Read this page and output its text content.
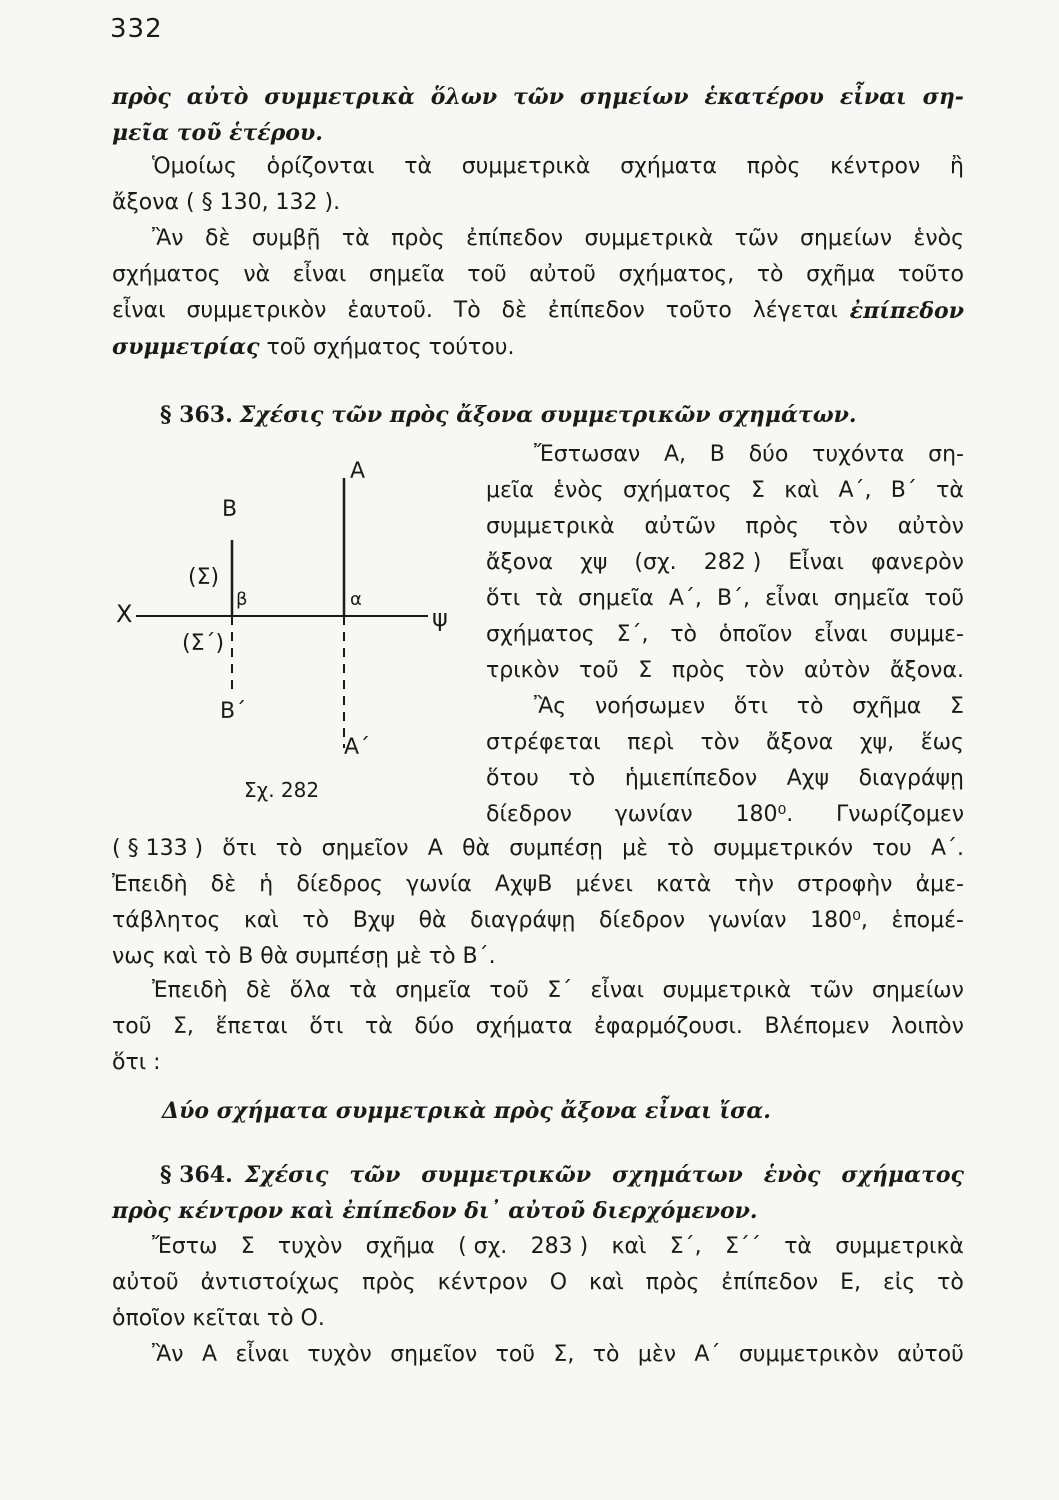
332
πρὸς αὐτὸ συμμετρικὰ ὅλων τῶν σημείων ἑκατέρου εἶναι ση-
μεῖα τοῦ ἑτέρου.
Ὁμοίως ὁρίζονται τὰ συμμετρικὰ σχήματα πρὸς κέντρον ἢ
ἄξονα ( § 130, 132 ).
Ἂν δὲ συμβῇ τὰ πρὸς ἐπίπεδον συμμετρικὰ τῶν σημείων ἑνὸς
σχήματος νὰ εἶναι σημεῖα τοῦ αὐτοῦ σχήματος, τὸ σχῆμα τοῦτο
εἶναι συμμετρικὸν ἑαυτοῦ. Τὸ δὲ ἐπίπεδον τοῦτο λέγεται ἐπίπεδον
συμμετρίας τοῦ σχήματος τούτου.
§ 363. Σχέσις τῶν πρὸς ἄξονα συμμετρικῶν σχημάτων.
Ἔστωσαν Α, Β δύο τυχόντα ση-
μεῖα ἑνὸς σχήματος Σ καὶ Α΄, Β΄ τὰ
συμμετρικὰ αὐτῶν πρὸς τὸν αὐτὸν
ἄξονα χψ (σχ. 282 ) Εἶναι φανερὸν
ὅτι τὰ σημεῖα Α΄, Β΄, εἶναι σημεῖα τοῦ
σχήματος Σ΄, τὸ ὁποῖον εἶναι συμμε-
τρικὸν τοῦ Σ πρὸς τὸν αὐτὸν ἄξονα.
Ἂς νοήσωμεν ὅτι τὸ σχῆμα Σ
στρέφεται περὶ τὸν ἄξονα χψ, ἕως
ὅτου τὸ ἡμιεπίπεδον Αχψ διαγράψῃ
δίεδρον γωνίαν 180⁰. Γνωρίζομεν
Α
Β
(Σ)
β	α
Χ	ψ
(Σ΄)
Β΄
Α΄
Σχ. 282
( § 133 ) ὅτι τὸ σημεῖον Α θὰ συμπέσῃ μὲ τὸ συμμετρικόν του Α΄.
Ἐπειδὴ δὲ ἡ δίεδρος γωνία ΑχψΒ μένει κατὰ τὴν στροφὴν ἀμε-
τάβλητος καὶ τὸ Βχψ θὰ διαγράψῃ δίεδρον γωνίαν 180⁰, ἑπομέ-
νως καὶ τὸ Β θὰ συμπέσῃ μὲ τὸ Β΄.
Ἐπειδὴ δὲ ὅλα τὰ σημεῖα τοῦ Σ΄ εἶναι συμμετρικὰ τῶν σημείων
τοῦ Σ, ἕπεται ὅτι τὰ δύο σχήματα ἐφαρμόζουσι. Βλέπομεν λοιπὸν
ὅτι :
Δύο σχήματα συμμετρικὰ πρὸς ἄξονα εἶναι ἴσα.
§ 364. Σχέσις τῶν συμμετρικῶν σχημάτων ἑνὸς σχήματος
πρὸς κέντρον καὶ ἐπίπεδον δι᾽ αὐτοῦ διερχόμενον.
Ἔστω Σ τυχὸν σχῆμα ( σχ. 283 ) καὶ Σ΄, Σ΄΄ τὰ συμμετρικὰ
αὐτοῦ ἀντιστοίχως πρὸς κέντρον Ο καὶ πρὸς ἐπίπεδον Ε, εἰς τὸ
ὁποῖον κεῖται τὸ Ο.
Ἂν Α εἶναι τυχὸν σημεῖον τοῦ Σ, τὸ μὲν Α΄ συμμετρικὸν αὐτοῦ
